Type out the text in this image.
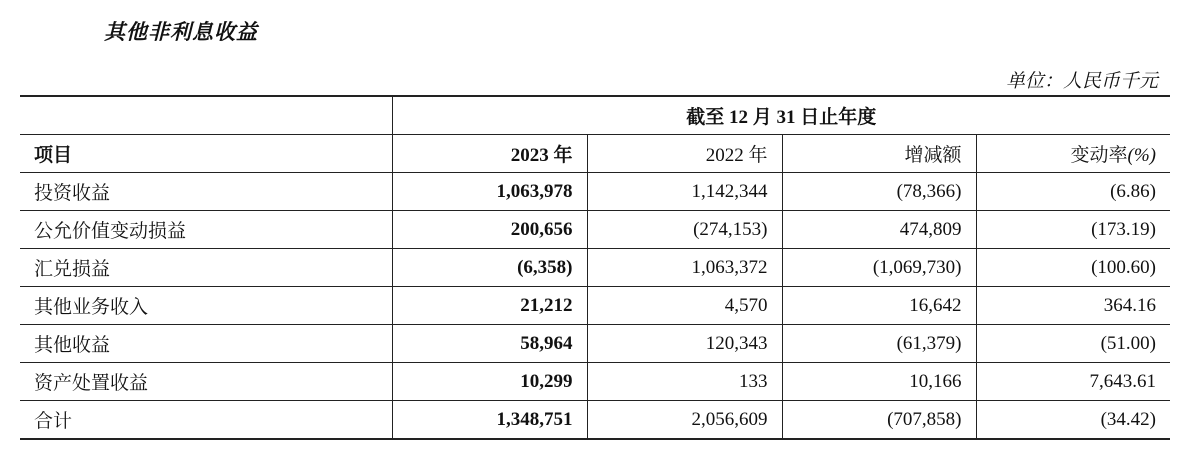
其他非利息收益
单位：人民币千元
	截至 12 月 31 日止年度			
项目	2023 年	2022 年	增减额	变动率(%)
投资收益	1,063,978	1,142,344	(78,366)	(6.86)
公允价值变动损益	200,656	(274,153)	474,809	(173.19)
汇兑损益	(6,358)	1,063,372	(1,069,730)	(100.60)
其他业务收入	21,212	4,570	16,642	364.16
其他收益	58,964	120,343	(61,379)	(51.00)
资产处置收益	10,299	133	10,166	7,643.61
合计	1,348,751	2,056,609	(707,858)	(34.42)
